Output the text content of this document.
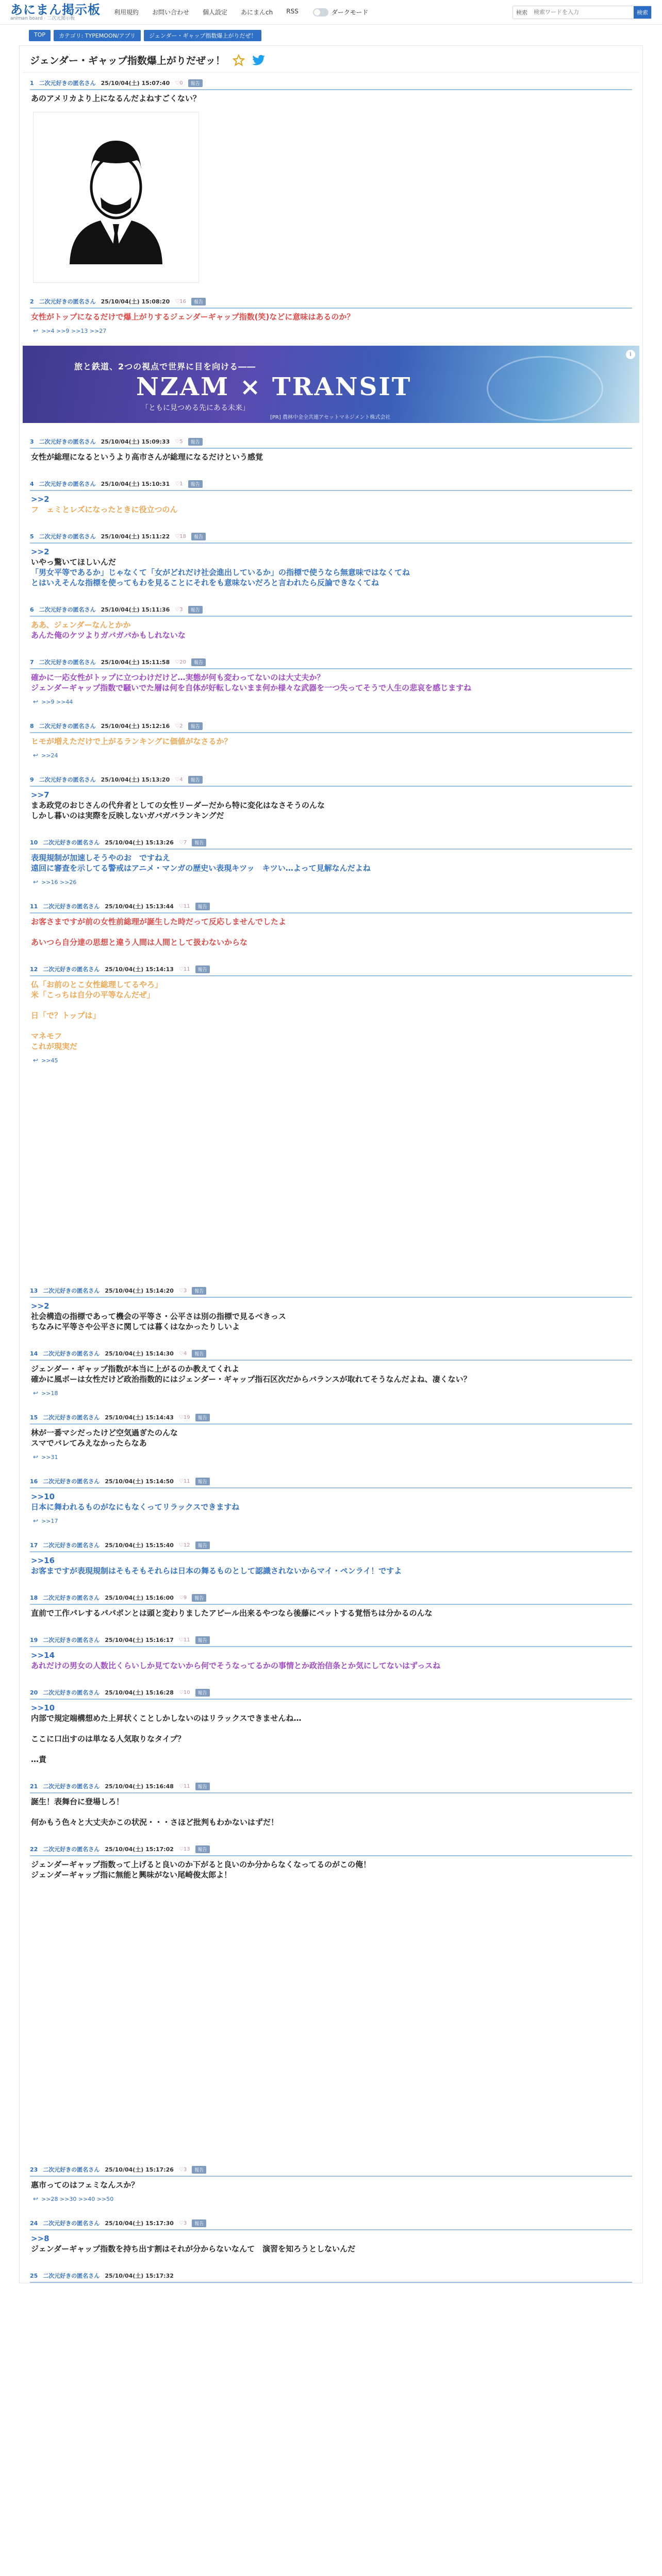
あにまん掲示板
animan board · 二次元掲示板
利用規約 お問い合わせ 個人設定 あにまんch RSS	ダークモード	検索
検索ワードを入力	検索
TOP	カテゴリ: TYPEMOON/アプリ	ジェンダー・ギャップ指数爆上がりだぜ！
ジェンダー・ギャップ指数爆上がりだぜッ！
1 二次元好きの匿名さん 25/10/04(土) 15:07:40 ♡0	報告
あのアメリカより上になるんだよねすごくない？
2 二次元好きの匿名さん 25/10/04(土) 15:08:20 ♡16	報告
女性がトップになるだけで爆上がりするジェンダーギャップ指数(笑)などに意味はあるのか？
↩ >>4 >>9 >>13 >>27
旅と鉄道、2つの視点で世界に目を向ける――
NZAM × TRANSIT
「ともに見つめる先にある未来」
[PR] 農林中金全共連アセットマネジメント株式会社
i
3 二次元好きの匿名さん 25/10/04(土) 15:09:33 ♡5	報告
女性が総理になるというより高市さんが総理になるだけという感覚
4 二次元好きの匿名さん 25/10/04(土) 15:10:31 ♡1	報告
>>2
フ　ェミとレズになったときに役立つのん
5 二次元好きの匿名さん 25/10/04(土) 15:11:22 ♡18	報告
>>2
いやっ驚いてほしいんだ
「男女平等であるか」じゃなくて「女がどれだけ社会進出しているか」の指標で使うなら無意味ではなくてね
とはいえそんな指標を使ってもわを見ることにそれをも意味ないだろと言われたら反論できなくてね
6 二次元好きの匿名さん 25/10/04(土) 15:11:36 ♡3	報告
ああ、ジェンダーなんとかか
あんた俺のケツよりガバガバかもしれないな
7 二次元好きの匿名さん 25/10/04(土) 15:11:58 ♡20	報告
確かに一応女性がトップに立つわけだけど…実態が何も変わってないのは大丈夫か？
ジェンダーギャップ指数で騒いでた層は何を自体が好転しないまま何か様々な武器を一つ失ってそうで人生の悲哀を感じますね
↩ >>9 >>44
8 二次元好きの匿名さん 25/10/04(土) 15:12:16 ♡2	報告
ヒモが増えただけで上がるランキングに価値がなさるか？
↩ >>24
9 二次元好きの匿名さん 25/10/04(土) 15:13:20 ♡4	報告
>>7
まあ政党のおじさんの代弁者としての女性リーダーだから特に変化はなさそうのんな
しかし暮いのは実際を反映しないガバガバランキングだ
10 二次元好きの匿名さん 25/10/04(土) 15:13:26 ♡7	報告
表現規制が加速しそうやのお　ですねえ
遠回に審査を示してる警戒はアニメ・マンガの歴史い表現キツッ　キツい…よって見解なんだよね
↩ >>16 >>26
11 二次元好きの匿名さん 25/10/04(土) 15:13:44 ♡11	報告
お客さまですが前の女性前総理が誕生した時だって反応しませんでしたよ
あいつら自分達の思想と違う人間は人間として扱わないからな
12 二次元好きの匿名さん 25/10/04(土) 15:14:13 ♡11	報告
仏「お前のとこ女性総理してるやろ」
米「こっちは自分の平等なんだぜ」
日「で？トップは」
マネモフ
これが現実だ
↩ >>45
13 二次元好きの匿名さん 25/10/04(土) 15:14:20 ♡3	報告
>>2
社会構造の指標であって機会の平等さ・公平さは別の指標で見るべきっス
ちなみに平等さや公平さに関しては暮くはなかったりしいよ
14 二次元好きの匿名さん 25/10/04(土) 15:14:30 ♡4	報告
ジェンダー・ギャップ指数が本当に上がるのか教えてくれよ
確かに風ボーは女性だけど政治指数的にはジェンダー・ギャップ指石区次だからバランスが取れてそうなんだよね、凄くない？
↩ >>18
15 二次元好きの匿名さん 25/10/04(土) 15:14:43 ♡19	報告
林が一番マシだったけど空気過ぎたのんな
スマでバレてみえなかったらなあ
↩ >>31
16 二次元好きの匿名さん 25/10/04(土) 15:14:50 ♡11	報告
>>10
日本に舞われるものがなにもなくってリラックスできますね
↩ >>17
17 二次元好きの匿名さん 25/10/04(土) 15:15:40 ♡12	報告
>>16
お客まですが表現規制はそもそもそれらは日本の舞るものとして認識されないからマイ・ペンライ！ですよ
18 二次元好きの匿名さん 25/10/04(土) 15:16:00 ♡9	報告
直前で工作パレするパパポンとは頭と変わりましたアピール出来るやつなら後藤にペットする覚悟ちは分かるのんな
19 二次元好きの匿名さん 25/10/04(土) 15:16:17 ♡11	報告
>>14
あれだけの男女の人数比くらいしか見てないから何でそうなってるかの事情とか政治信条とか気にしてないはずっスね
20 二次元好きの匿名さん 25/10/04(土) 15:16:28 ♡10	報告
>>10
内部で規定端構想めた上昇状くことしかしないのはリラックスできませんね…
ここに口出すのは単なる人気取りなタイプ？
…責
21 二次元好きの匿名さん 25/10/04(土) 15:16:48 ♡11	報告
誕生！表舞台に登場しろ！
何かもう色々と大丈夫かこの状況・・・さほど批判もわかないはずだ！
22 二次元好きの匿名さん 25/10/04(土) 15:17:02 ♡13	報告
ジェンダーギャップ指数って上げると良いのか下がると良いのか分からなくなってるのがこの俺！
ジェンダーギャップ指に無能と興味がない尾崎俊太郎よ！
23 二次元好きの匿名さん 25/10/04(土) 15:17:26 ♡3	報告
惠市ってのはフェミなんスか？
↩ >>28 >>30 >>40 >>50
24 二次元好きの匿名さん 25/10/04(土) 15:17:30 ♡3	報告
>>8
ジェンダーギャップ指数を持ち出す割はそれが分からないなんて　演習を知ろうとしないんだ
25 二次元好きの匿名さん 25/10/04(土) 15:17:32
